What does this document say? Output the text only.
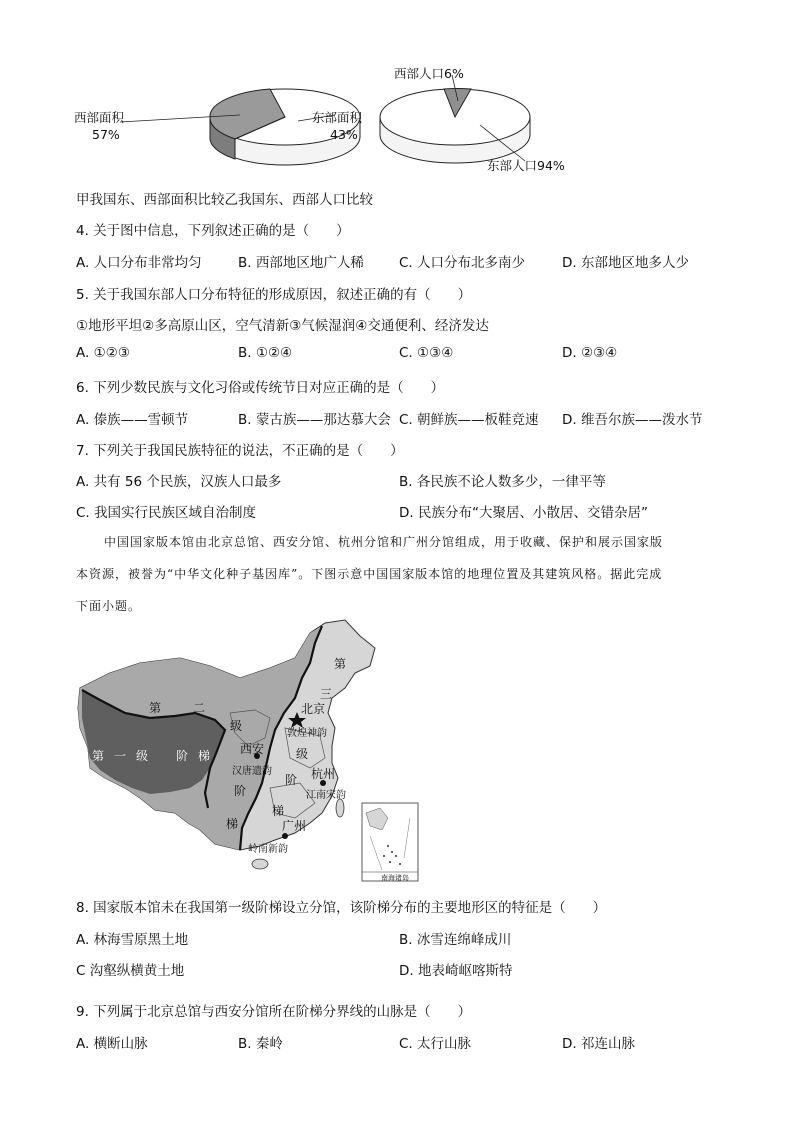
西部面积
57%
东部面积
43%
西部人口6%
东部人口94%
甲我国东、西部面积比较乙我国东、西部人口比较
4. 关于图中信息，下列叙述正确的是（　　）
A. 人口分布非常均匀	B. 西部地区地广人稀	C. 人口分布北多南少	D. 东部地区地多人少
5. 关于我国东部人口分布特征的形成原因，叙述正确的有（　　）
①地形平坦②多高原山区，空气清新③气候湿润④交通便利、经济发达
A. ①②③	B. ①②④	C. ①③④	D. ②③④
6. 下列少数民族与文化习俗或传统节日对应正确的是（　　）
A. 傣族——雪顿节	B. 蒙古族——那达慕大会 C. 朝鲜族——板鞋竞速 D. 维吾尔族——泼水节
7. 下列关于我国民族特征的说法，不正确的是（　　）
A. 共有 56 个民族，汉族人口最多	B. 各民族不论人数多少，一律平等
C. 我国实行民族区域自治制度	D. 民族分布“大聚居、小散居、交错杂居”
中国国家版本馆由北京总馆、西安分馆、杭州分馆和广州分馆组成，用于收藏、保护和展示国家版
本资源，被誉为“中华文化种子基因库”。下图示意中国国家版本馆的地理位置及其建筑风格。据此完成
下面小题。
第 一 级 阶 梯
第	二
级
阶
梯
第
三
级
阶
梯
北京
敦煌神韵
西安
汉唐遗韵	杭州
江南宋韵
广州
岭南新韵
南海诸岛
8. 国家版本馆未在我国第一级阶梯设立分馆，该阶梯分布的主要地形区的特征是（　　）
A. 林海雪原黑土地	B. 冰雪连绵峰成川
C 沟壑纵横黄土地	D. 地表崎岖喀斯特
9. 下列属于北京总馆与西安分馆所在阶梯分界线的山脉是（　　）
A. 横断山脉	B. 秦岭	C. 太行山脉	D. 祁连山脉
